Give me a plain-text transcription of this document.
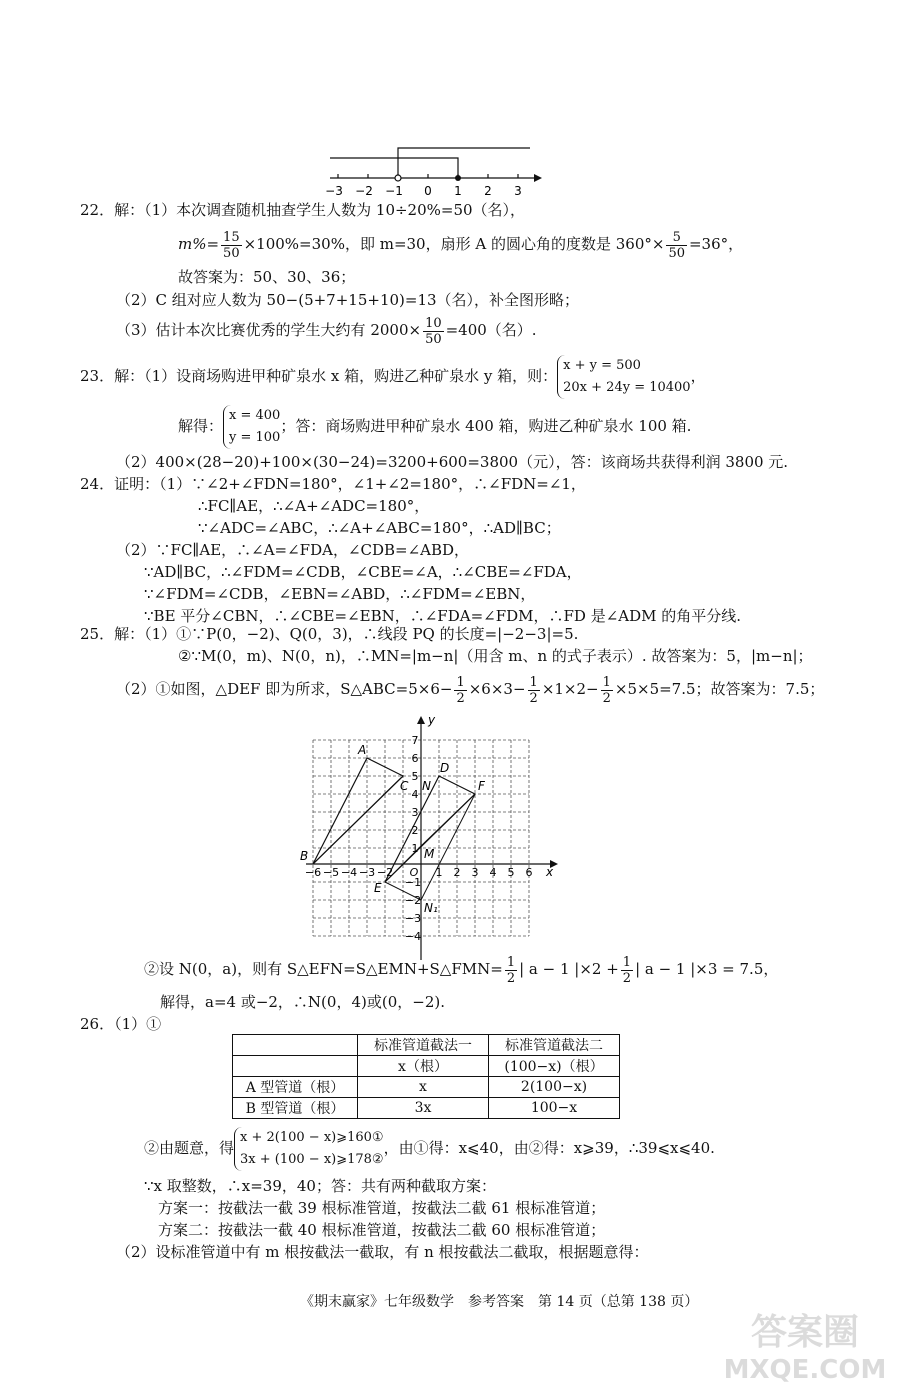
−3 −2 −1 0 1 2 3
22．解：（1）本次调查随机抽查学生人数为 10÷20%=50（名），
$m\%= \frac{15}{50} \times 100\%=30\%$，即 m=30，扇形 A 的圆心角的度数是 $360^\circ\times \frac{5}{50} =36^\circ$，
故答案为：50、30、36；
（2）C 组对应人数为 50−(5+7+15+10)=13（名），补全图形略；
（3）估计本次比赛优秀的学生大约有 $2000\times \frac{10}{50} =400$（名）.
23．解：（1）设商场购进甲种矿泉水 x 箱，购进乙种矿泉水 y 箱，则：
x + y = 500
20x + 24y = 10400
，
解得：
x = 400
y = 100
；答：商场购进甲种矿泉水 400 箱，购进乙种矿泉水 100 箱.
（2）400×(28−20)+100×(30−24)=3200+600=3800（元），答：该商场共获得利润 3800 元.
24．证明：（1）∵∠2+∠FDN=180°，∠1+∠2=180°，∴∠FDN=∠1，
∴FC∥AE，∴∠A+∠ADC=180°，
∵∠ADC=∠ABC，∴∠A+∠ABC=180°，∴AD∥BC；
（2）∵FC∥AE，∴∠A=∠FDA，∠CDB=∠ABD，
∵AD∥BC，∴∠FDM=∠CDB，∠CBE=∠A，∴∠CBE=∠FDA，
∵∠FDM=∠CDB，∠EBN=∠ABD，∴∠FDM=∠EBN，
∵BE 平分∠CBN，∴∠CBE=∠EBN，∴∠FDA=∠FDM，∴FD 是∠ADM 的角平分线.
25．解：（1）①∵P(0，−2)、Q(0，3)，∴线段 PQ 的长度=|−2−3|=5.
②∵M(0，m)、N(0，n)，∴MN=|m−n|（用含 m、n 的式子表示）. 故答案为：5，|m−n|；
（2）①如图，△DEF 即为所求，S△ABC=5×6− $\frac{1}{2} \times 6\times 3- \frac{1}{2} \times 1\times 2- \frac{1}{2} \times 5\times 5=7.5$；故答案为：7.5；
y
x
A
B
C
D
E
F
M
N
N₁
−6 −5 −4 −3 −2 O 1 2 3 4 5 6
7
6
5
4
3
2
1
−1
−2
−3
−4
②设 N(0，a)，则有 S△EFN=S△EMN+S△FMN= $\frac{1}{2}$ | a − 1 $|\times 2 + \frac{1}{2}$ | a − 1 |×3 = 7.5，
解得，a=4 或−2，∴N(0，4)或(0，−2).
26．（1）①
	标准管道截法一	标准管道截法二
	x（根）	(100−x)（根）
A 型管道（根）	x	2(100−x)
B 型管道（根）	3x	100−x
②由题意，得
x + 2(100 − x)⩾160①
3x + (100 − x)⩾178②
，由①得：x⩽40，由②得：x⩾39，∴39⩽x⩽40.
∵x 取整数，∴x=39，40；答：共有两种截取方案：
方案一：按截法一截 39 根标准管道，按截法二截 61 根标准管道；
方案二：按截法一截 40 根标准管道，按截法二截 60 根标准管道；
（2）设标准管道中有 m 根按截法一截取，有 n 根按截法二截取，根据题意得：
《期末赢家》七年级数学　参考答案　第 14 页（总第 138 页）
答案圈
MXQE.COM
